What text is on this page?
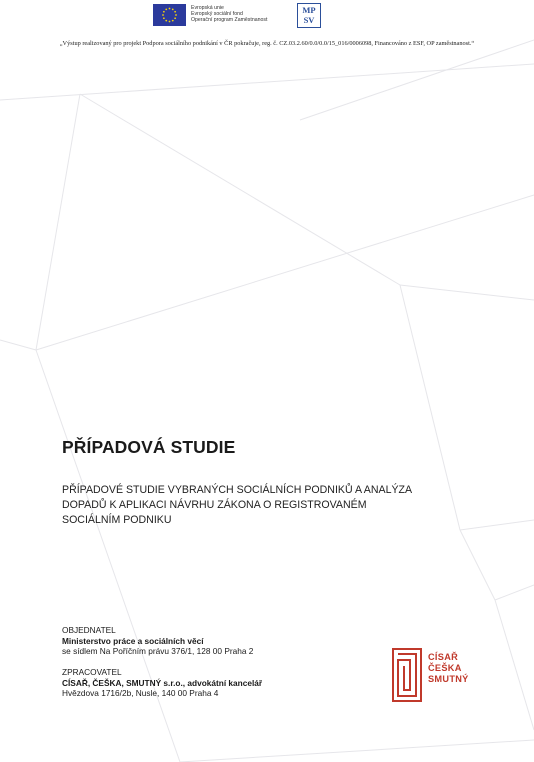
Evropská unie
Evropský sociální fond
Operační program Zaměstnanost
MP
SV
„Výstup realizovaný pro projekt Podpora sociálního podnikání v ČR pokračuje, reg. č. CZ.03.2.60/0.0/0.0/15_016/0006098, Financováno z ESF, OP zaměstnanost.“
PŘÍPADOVÁ STUDIE
PŘÍPADOVÉ STUDIE VYBRANÝCH SOCIÁLNÍCH PODNIKŮ A ANALÝZA DOPADŮ K APLIKACI NÁVRHU ZÁKONA O REGISTROVANÉM SOCIÁLNÍM PODNIKU
OBJEDNATEL
Ministerstvo práce a sociálních věcí
se sídlem Na Poříčním právu 376/1, 128 00 Praha 2
ZPRACOVATEL
CÍSAŘ, ČEŠKA, SMUTNÝ s.r.o., advokátní kancelář
Hvězdova 1716/2b, Nusle, 140 00 Praha 4
CÍSAŘ
ČEŠKA
SMUTNÝ
